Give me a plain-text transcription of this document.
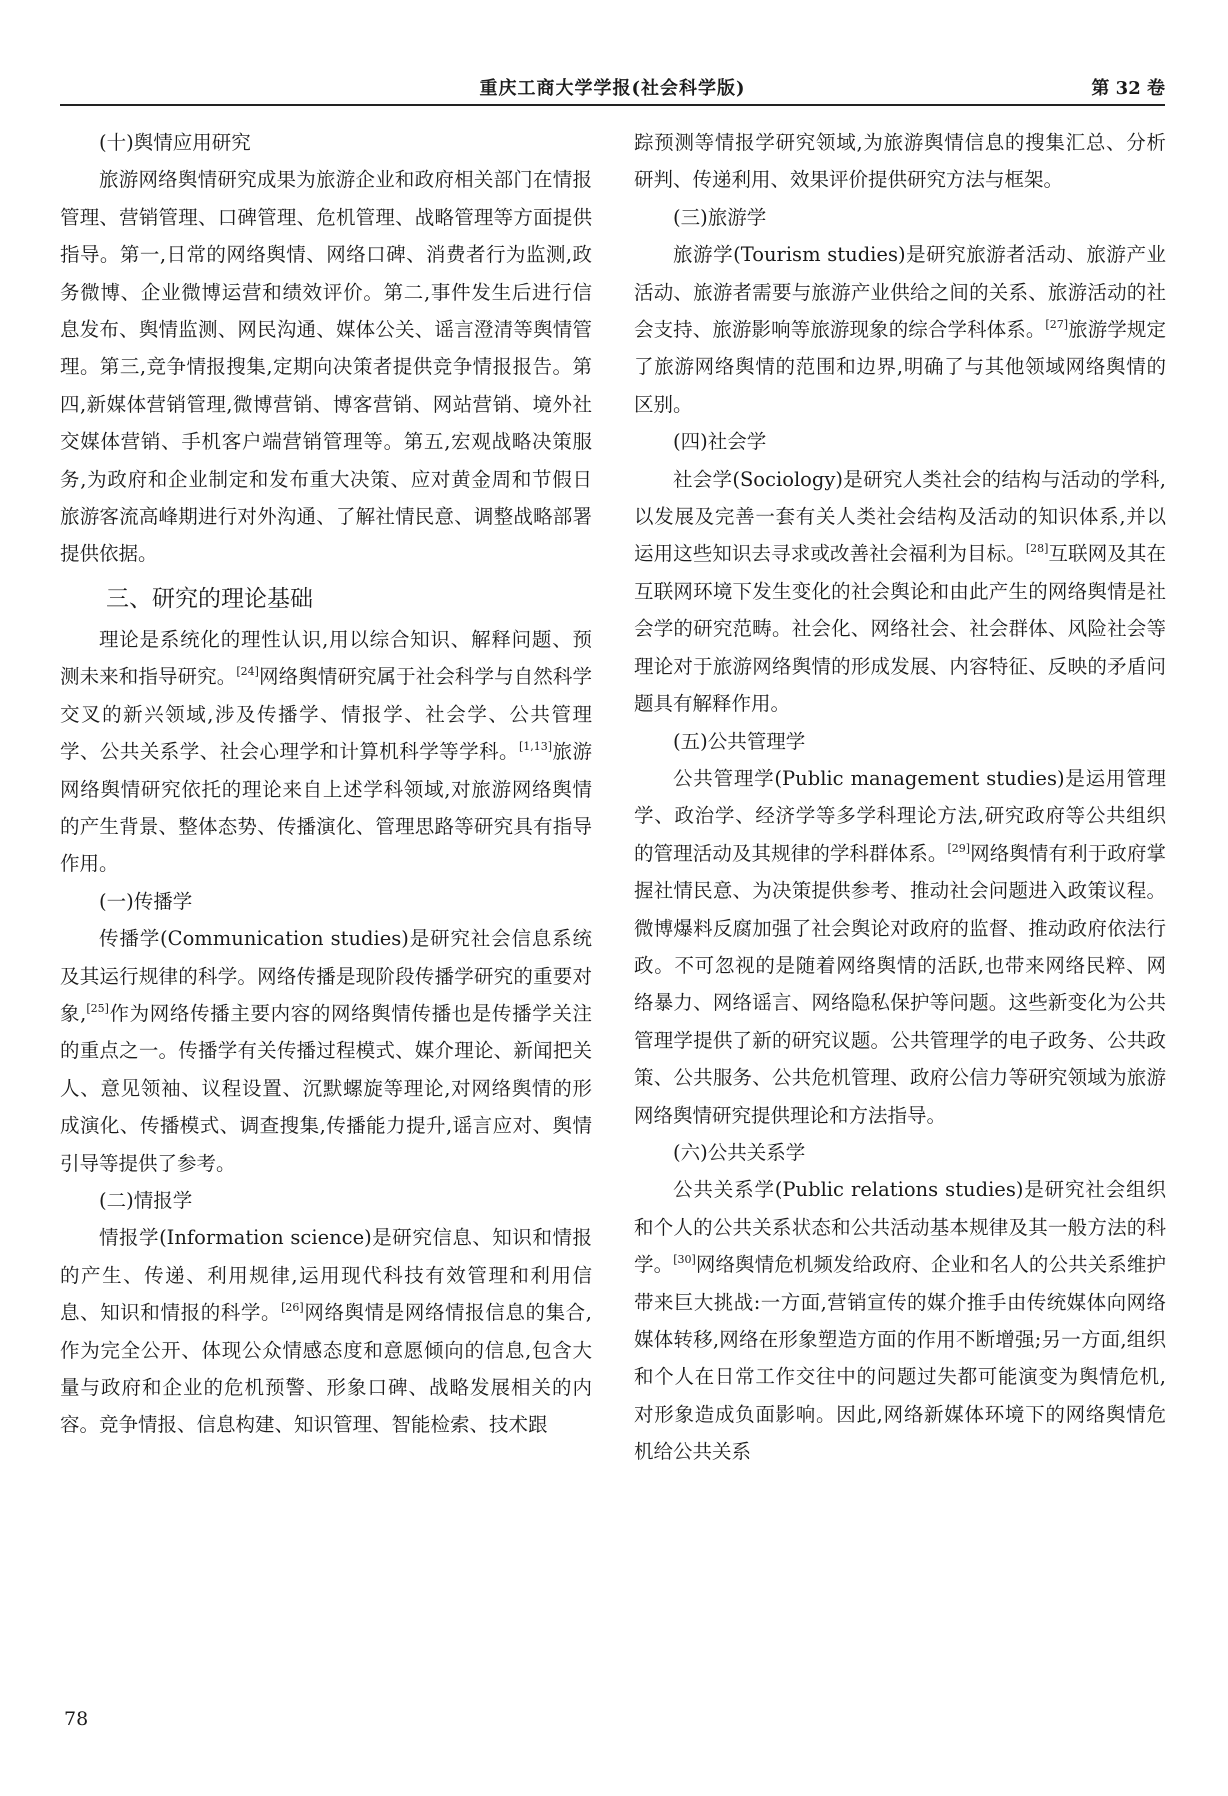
重庆工商大学学报(社会科学版)	第 32 卷
(十)舆情应用研究

旅游网络舆情研究成果为旅游企业和政府相关部门在情报管理、营销管理、口碑管理、危机管理、战略管理等方面提供指导。第一,日常的网络舆情、网络口碑、消费者行为监测,政务微博、企业微博运营和绩效评价。第二,事件发生后进行信息发布、舆情监测、网民沟通、媒体公关、谣言澄清等舆情管理。第三,竞争情报搜集,定期向决策者提供竞争情报报告。第四,新媒体营销管理,微博营销、博客营销、网站营销、境外社交媒体营销、手机客户端营销管理等。第五,宏观战略决策服务,为政府和企业制定和发布重大决策、应对黄金周和节假日旅游客流高峰期进行对外沟通、了解社情民意、调整战略部署提供依据。

三、研究的理论基础

理论是系统化的理性认识,用以综合知识、解释问题、预测未来和指导研究。[24]网络舆情研究属于社会科学与自然科学交叉的新兴领域,涉及传播学、情报学、社会学、公共管理学、公共关系学、社会心理学和计算机科学等学科。[1,13]旅游网络舆情研究依托的理论来自上述学科领域,对旅游网络舆情的产生背景、整体态势、传播演化、管理思路等研究具有指导作用。

(一)传播学

传播学(Communication studies)是研究社会信息系统及其运行规律的科学。网络传播是现阶段传播学研究的重要对象,[25]作为网络传播主要内容的网络舆情传播也是传播学关注的重点之一。传播学有关传播过程模式、媒介理论、新闻把关人、意见领袖、议程设置、沉默螺旋等理论,对网络舆情的形成演化、传播模式、调查搜集,传播能力提升,谣言应对、舆情引导等提供了参考。

(二)情报学

情报学(Information science)是研究信息、知识和情报的产生、传递、利用规律,运用现代科技有效管理和利用信息、知识和情报的科学。[26]网络舆情是网络情报信息的集合,作为完全公开、体现公众情感态度和意愿倾向的信息,包含大量与政府和企业的危机预警、形象口碑、战略发展相关的内容。竞争情报、信息构建、知识管理、智能检索、技术跟

踪预测等情报学研究领域,为旅游舆情信息的搜集汇总、分析研判、传递利用、效果评价提供研究方法与框架。

(三)旅游学

旅游学(Tourism studies)是研究旅游者活动、旅游产业活动、旅游者需要与旅游产业供给之间的关系、旅游活动的社会支持、旅游影响等旅游现象的综合学科体系。[27]旅游学规定了旅游网络舆情的范围和边界,明确了与其他领域网络舆情的区别。

(四)社会学

社会学(Sociology)是研究人类社会的结构与活动的学科,以发展及完善一套有关人类社会结构及活动的知识体系,并以运用这些知识去寻求或改善社会福利为目标。[28]互联网及其在互联网环境下发生变化的社会舆论和由此产生的网络舆情是社会学的研究范畴。社会化、网络社会、社会群体、风险社会等理论对于旅游网络舆情的形成发展、内容特征、反映的矛盾问题具有解释作用。

(五)公共管理学

公共管理学(Public management studies)是运用管理学、政治学、经济学等多学科理论方法,研究政府等公共组织的管理活动及其规律的学科群体系。[29]网络舆情有利于政府掌握社情民意、为决策提供参考、推动社会问题进入政策议程。微博爆料反腐加强了社会舆论对政府的监督、推动政府依法行政。不可忽视的是随着网络舆情的活跃,也带来网络民粹、网络暴力、网络谣言、网络隐私保护等问题。这些新变化为公共管理学提供了新的研究议题。公共管理学的电子政务、公共政策、公共服务、公共危机管理、政府公信力等研究领域为旅游网络舆情研究提供理论和方法指导。

(六)公共关系学

公共关系学(Public relations studies)是研究社会组织和个人的公共关系状态和公共活动基本规律及其一般方法的科学。[30]网络舆情危机频发给政府、企业和名人的公共关系维护带来巨大挑战:一方面,营销宣传的媒介推手由传统媒体向网络媒体转移,网络在形象塑造方面的作用不断增强;另一方面,组织和个人在日常工作交往中的问题过失都可能演变为舆情危机,对形象造成负面影响。因此,网络新媒体环境下的网络舆情危机给公共关系

78
